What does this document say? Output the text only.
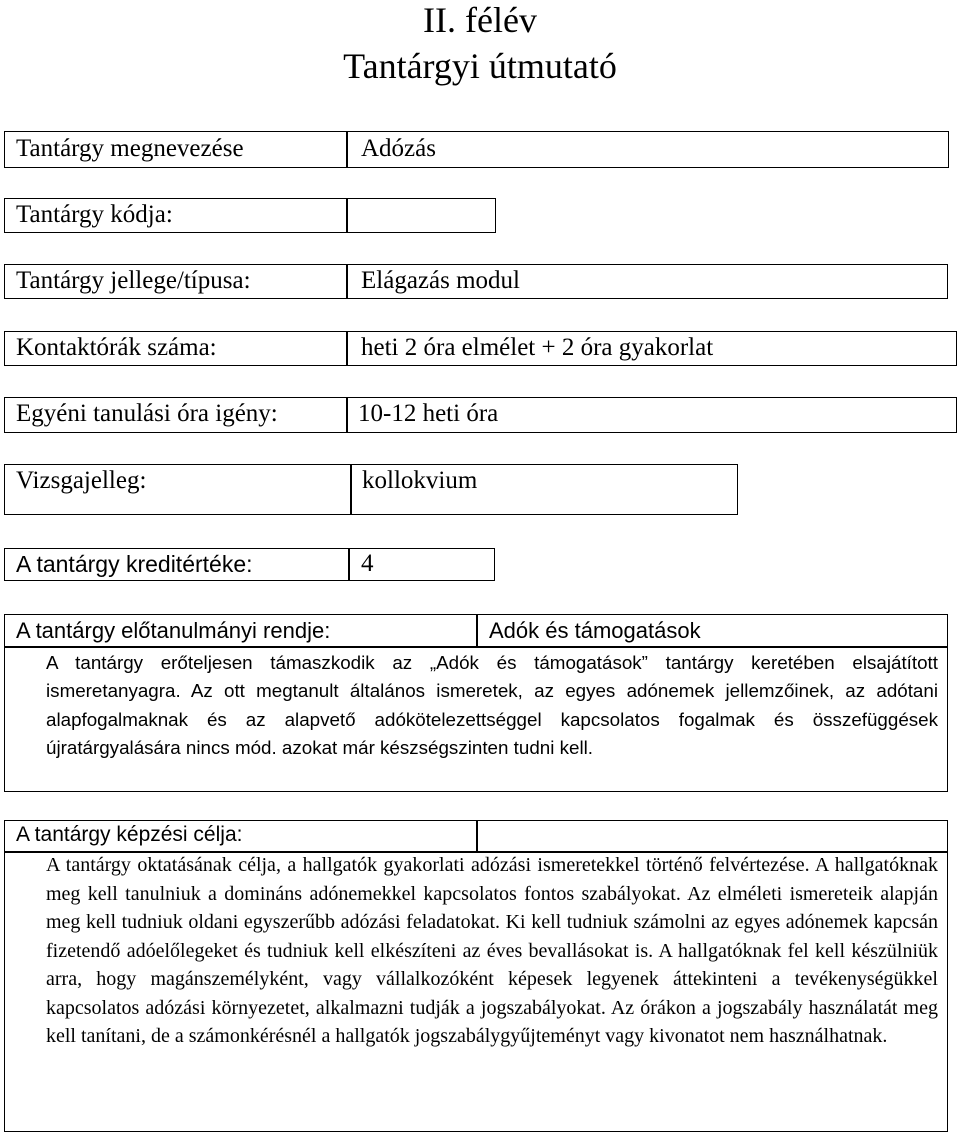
II. félév
Tantárgyi útmutató
Tantárgy megnevezése	Adózás
Tantárgy kódja:
Tantárgy jellege/típusa:	Elágazás modul
Kontaktórák száma:	heti 2 óra elmélet + 2 óra gyakorlat
Egyéni tanulási óra igény:	10-12 heti óra
Vizsgajelleg:	kollokvium
A tantárgy kreditértéke:	4
A tantárgy előtanulmányi rendje:	Adók és támogatások
A tantárgy erőteljesen támaszkodik az „Adók és támogatások” tantárgy keretében elsajátított ismeretanyagra. Az ott megtanult általános ismeretek, az egyes adónemek jellemzőinek, az adótani alapfogalmaknak és az alapvető adókötelezettséggel kapcsolatos fogalmak és összefüggések újratárgyalására nincs mód. azokat már készségszinten tudni kell.
A tantárgy képzési célja:
A tantárgy oktatásának célja, a hallgatók gyakorlati adózási ismeretekkel történő felvértezése. A hallgatóknak meg kell tanulniuk a domináns adónemekkel kapcsolatos fontos szabályokat. Az elméleti ismereteik alapján meg kell tudniuk oldani egyszerűbb adózási feladatokat. Ki kell tudniuk számolni az egyes adónemek kapcsán fizetendő adóelőlegeket és tudniuk kell elkészíteni az éves bevallásokat is. A hallgatóknak fel kell készülniük arra, hogy magánszemélyként, vagy vállalkozóként képesek legyenek áttekinteni a tevékenységükkel kapcsolatos adózási környezetet, alkalmazni tudják a jogszabályokat. Az órákon a jogszabály használatát meg kell tanítani, de a számonkérésnél a hallgatók jogszabálygyűjteményt vagy kivonatot nem használhatnak.
